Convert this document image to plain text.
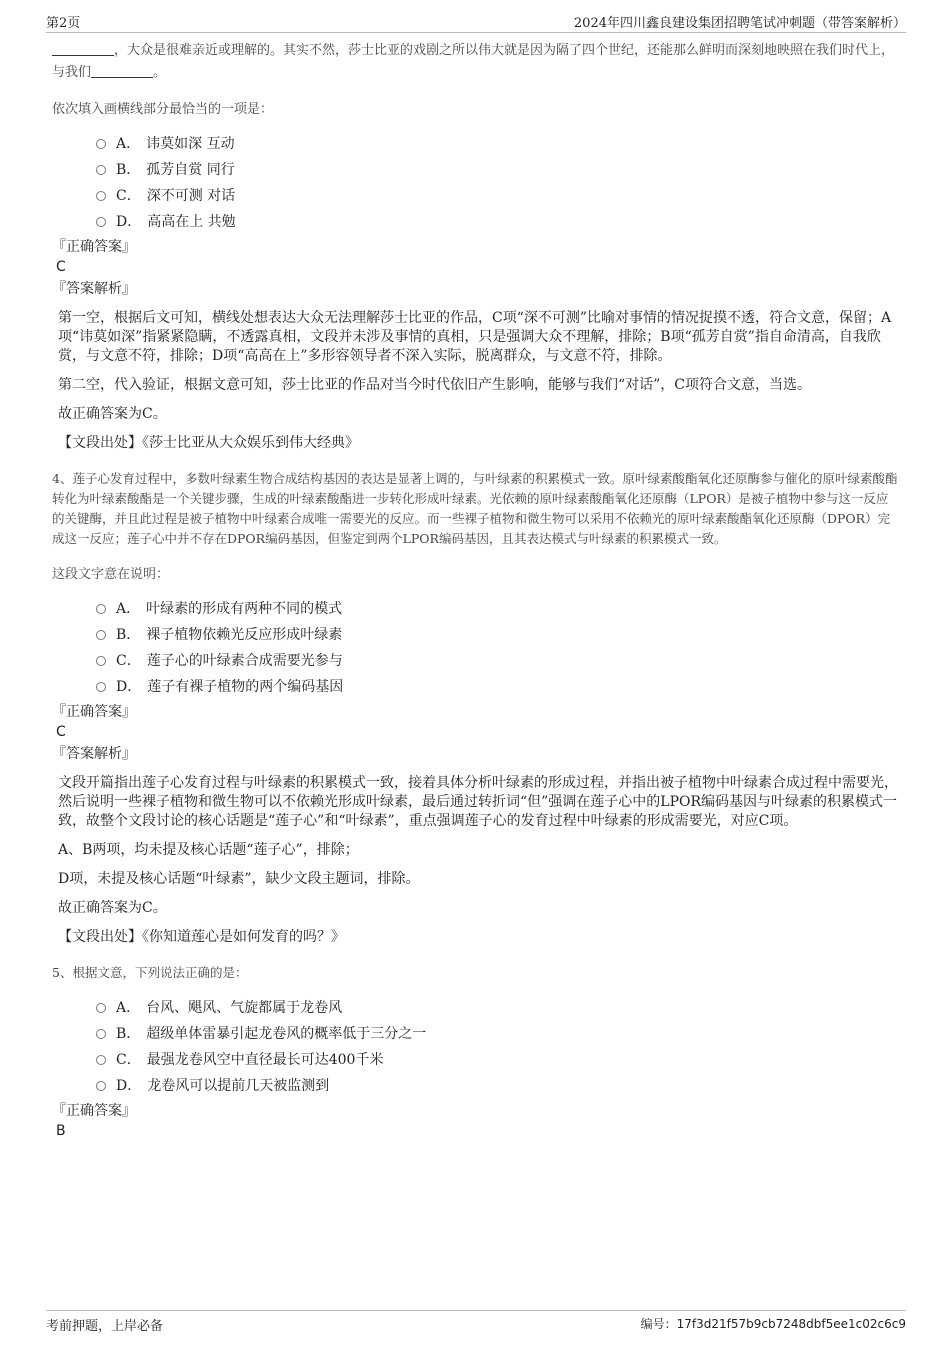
第2页	2024年四川鑫良建设集团招聘笔试冲刺题（带答案解析）

，大众是很难亲近或理解的。其实不然，莎士比亚的戏剧之所以伟大就是因为隔了四个世纪，还能那么鲜明而深刻地映照在我们时代上，与我们	。

依次填入画横线部分最恰当的一项是：

A． 讳莫如深 互动
B． 孤芳自赏 同行
C． 深不可测 对话
D． 高高在上 共勉

『正确答案』

C

『答案解析』

第一空，根据后文可知，横线处想表达大众无法理解莎士比亚的作品，C项“深不可测”比喻对事情的情况捉摸不透，符合文意，保留；A项“讳莫如深”指紧紧隐瞒，不透露真相，文段并未涉及事情的真相，只是强调大众不理解，排除；B项“孤芳自赏”指自命清高，自我欣赏，与文意不符，排除；D项“高高在上”多形容领导者不深入实际，脱离群众，与文意不符，排除。

第二空，代入验证，根据文意可知，莎士比亚的作品对当今时代依旧产生影响，能够与我们“对话”，C项符合文意，当选。

故正确答案为C。

【文段出处】《莎士比亚从大众娱乐到伟大经典》

4、莲子心发育过程中，多数叶绿素生物合成结构基因的表达是显著上调的，与叶绿素的积累模式一致。原叶绿素酸酯氧化还原酶参与催化的原叶绿素酸酯转化为叶绿素酸酯是一个关键步骤，生成的叶绿素酸酯进一步转化形成叶绿素。光依赖的原叶绿素酸酯氧化还原酶（LPOR）是被子植物中参与这一反应的关键酶，并且此过程是被子植物中叶绿素合成唯一需要光的反应。而一些裸子植物和微生物可以采用不依赖光的原叶绿素酸酯氧化还原酶（DPOR）完成这一反应；莲子心中并不存在DPOR编码基因，但鉴定到两个LPOR编码基因，且其表达模式与叶绿素的积累模式一致。

这段文字意在说明：

A． 叶绿素的形成有两种不同的模式
B． 裸子植物依赖光反应形成叶绿素
C． 莲子心的叶绿素合成需要光参与
D． 莲子有裸子植物的两个编码基因

『正确答案』

C

『答案解析』

文段开篇指出莲子心发育过程与叶绿素的积累模式一致，接着具体分析叶绿素的形成过程，并指出被子植物中叶绿素合成过程中需要光，然后说明一些裸子植物和微生物可以不依赖光形成叶绿素，最后通过转折词“但”强调在莲子心中的LPOR编码基因与叶绿素的积累模式一致，故整个文段讨论的核心话题是“莲子心”和“叶绿素”，重点强调莲子心的发育过程中叶绿素的形成需要光，对应C项。

A、B两项，均未提及核心话题“莲子心”，排除；

D项，未提及核心话题“叶绿素”，缺少文段主题词，排除。

故正确答案为C。

【文段出处】《你知道莲心是如何发育的吗？》

5、根据文意，下列说法正确的是：

A． 台风、飓风、气旋都属于龙卷风
B． 超级单体雷暴引起龙卷风的概率低于三分之一
C． 最强龙卷风空中直径最长可达400千米
D． 龙卷风可以提前几天被监测到

『正确答案』

B

考前押题，上岸必备	编号：17f3d21f57b9cb7248dbf5ee1c02c6c9
